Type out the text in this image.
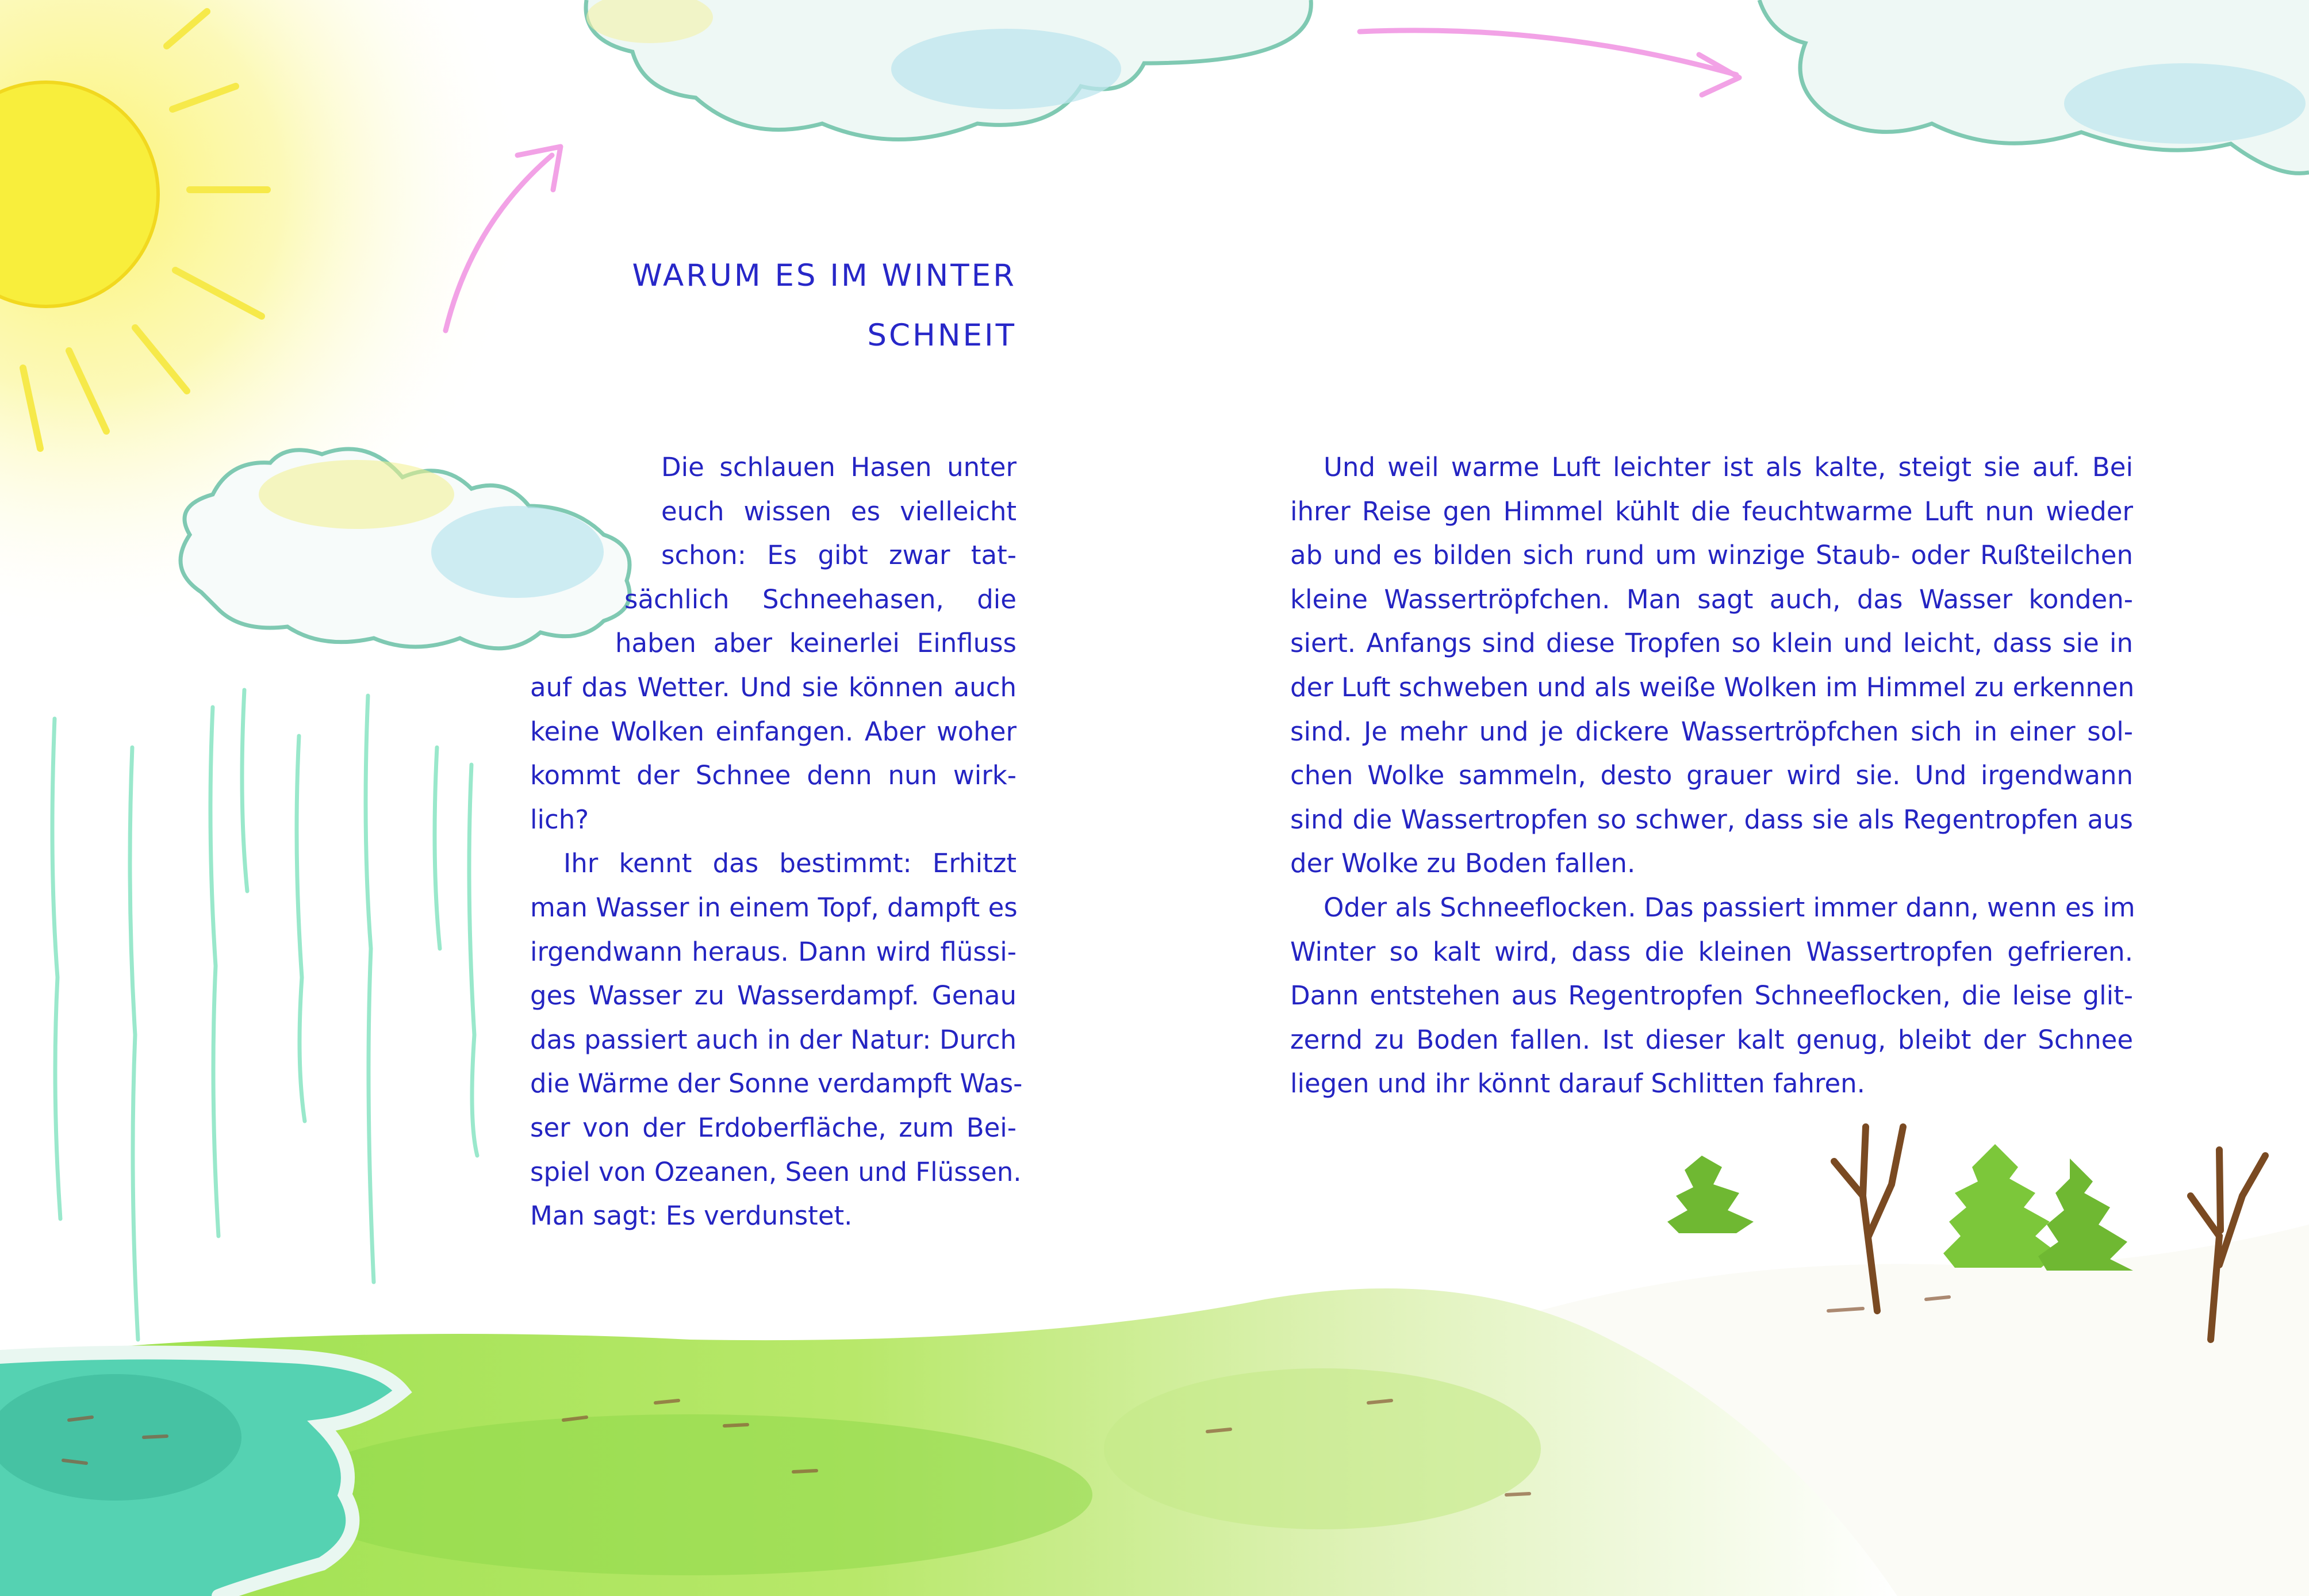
WARUM ES IM WINTER
SCHNEIT
Die schlauen Hasen unter
euch wissen es vielleicht
schon: Es gibt zwar tat-
sächlich Schneehasen, die
haben aber keinerlei Einfluss
auf das Wetter. Und sie können auch
keine Wolken einfangen. Aber woher
kommt der Schnee denn nun wirk-
lich?
Ihr kennt das bestimmt: Erhitzt
man Wasser in einem Topf, dampft es
irgendwann heraus. Dann wird flüssi-
ges Wasser zu Wasserdampf. Genau
das passiert auch in der Natur: Durch
die Wärme der Sonne verdampft Was-
ser von der Erdoberfläche, zum Bei-
spiel von Ozeanen, Seen und Flüssen.
Man sagt: Es verdunstet.
Und weil warme Luft leichter ist als kalte, steigt sie auf. Bei
ihrer Reise gen Himmel kühlt die feuchtwarme Luft nun wieder
ab und es bilden sich rund um winzige Staub- oder Rußteilchen
kleine Wassertröpfchen. Man sagt auch, das Wasser konden-
siert. Anfangs sind diese Tropfen so klein und leicht, dass sie in
der Luft schweben und als weiße Wolken im Himmel zu erkennen
sind. Je mehr und je dickere Wassertröpfchen sich in einer sol-
chen Wolke sammeln, desto grauer wird sie. Und irgendwann
sind die Wassertropfen so schwer, dass sie als Regentropfen aus
der Wolke zu Boden fallen.
Oder als Schneeflocken. Das passiert immer dann, wenn es im
Winter so kalt wird, dass die kleinen Wassertropfen gefrieren.
Dann entstehen aus Regentropfen Schneeflocken, die leise glit-
zernd zu Boden fallen. Ist dieser kalt genug, bleibt der Schnee
liegen und ihr könnt darauf Schlitten fahren.
